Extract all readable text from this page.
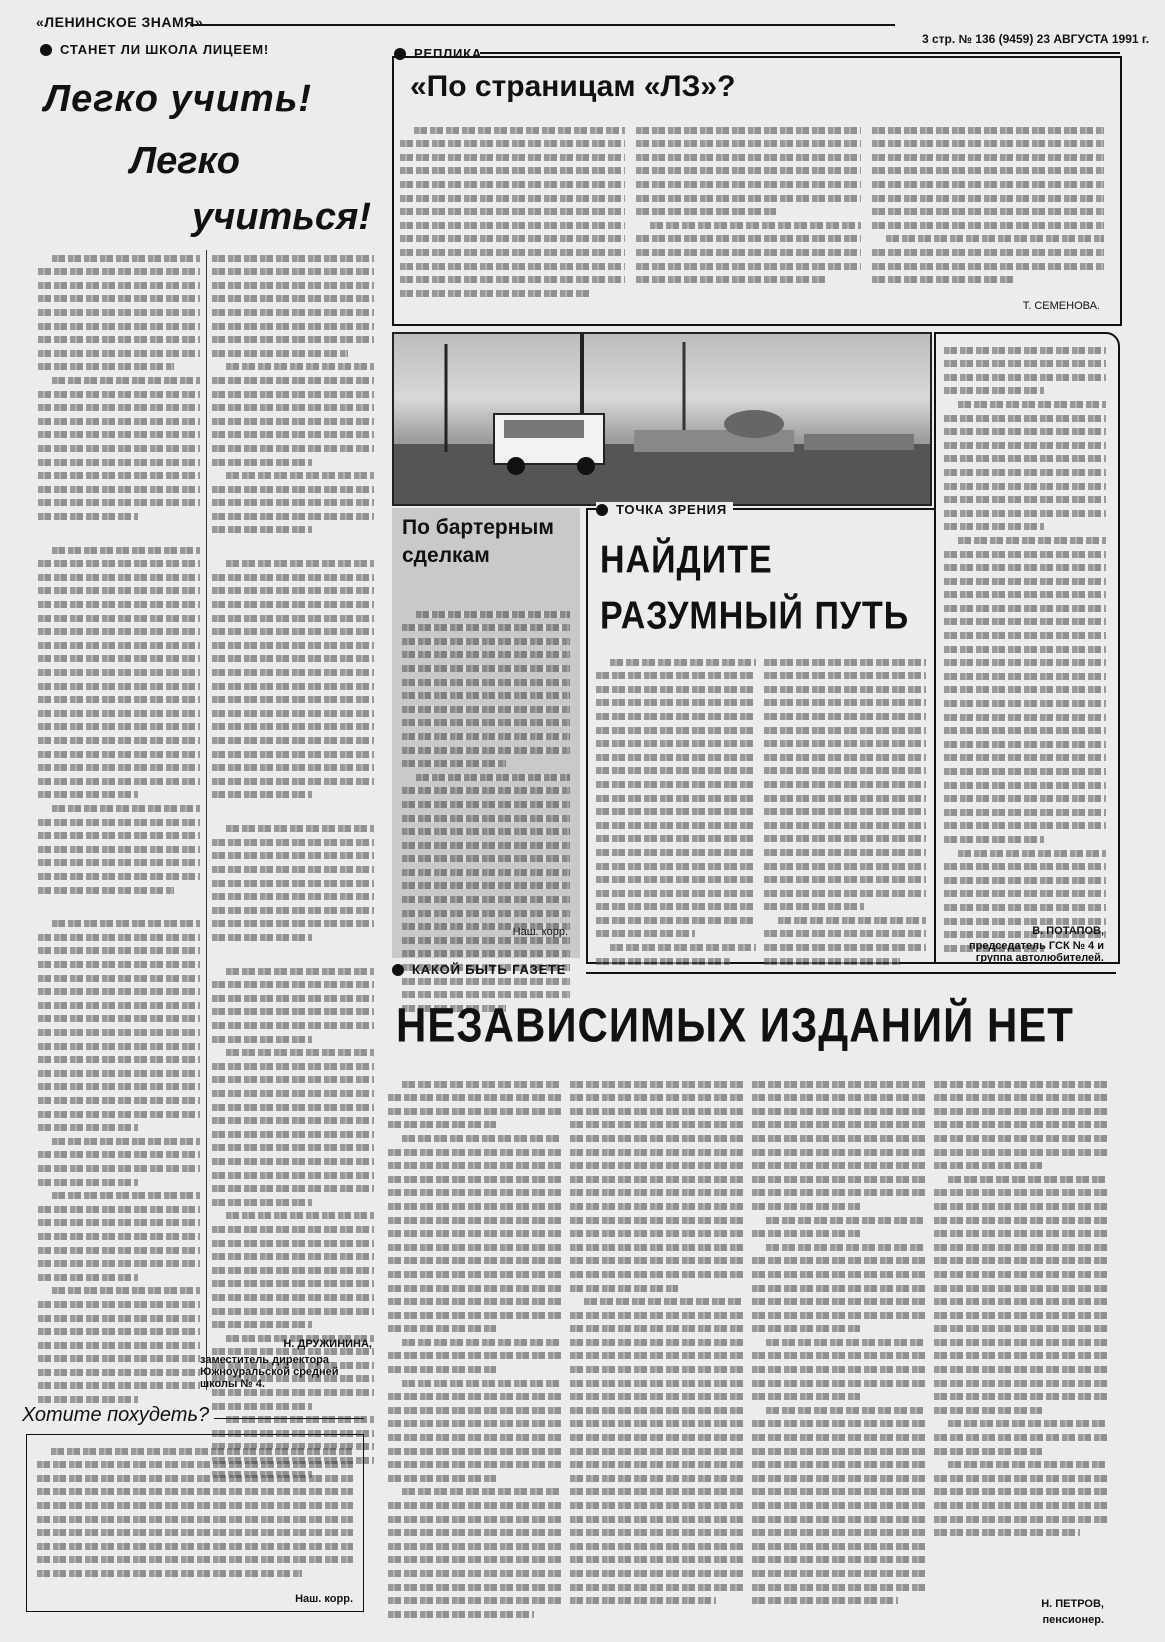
«ЛЕНИНСКОЕ ЗНАМЯ»
3 стр. № 136 (9459) 23 АВГУСТА 1991 г.
СТАНЕТ ЛИ ШКОЛА ЛИЦЕЕМ!
Легко учить!
Легко
учиться!

Н. ДРУЖИНИНА,
заместитель директора Южноуральской средней школы № 4.
Хотите похудеть?
Наш. корр.
РЕПЛИКА
«По страницам «ЛЗ»?
Т. СЕМЕНОВА.
В. ПОТАПОВ,
председатель ГСК № 4 и группа автолюбителей.
По бартерным сделкам
Наш. корр.
ТОЧКА ЗРЕНИЯ
НАЙДИТЕ
РАЗУМНЫЙ ПУТЬ
КАКОЙ БЫТЬ ГАЗЕТЕ
НЕЗАВИСИМЫХ ИЗДАНИЙ НЕТ
Н. ПЕТРОВ,
пенсионер.
